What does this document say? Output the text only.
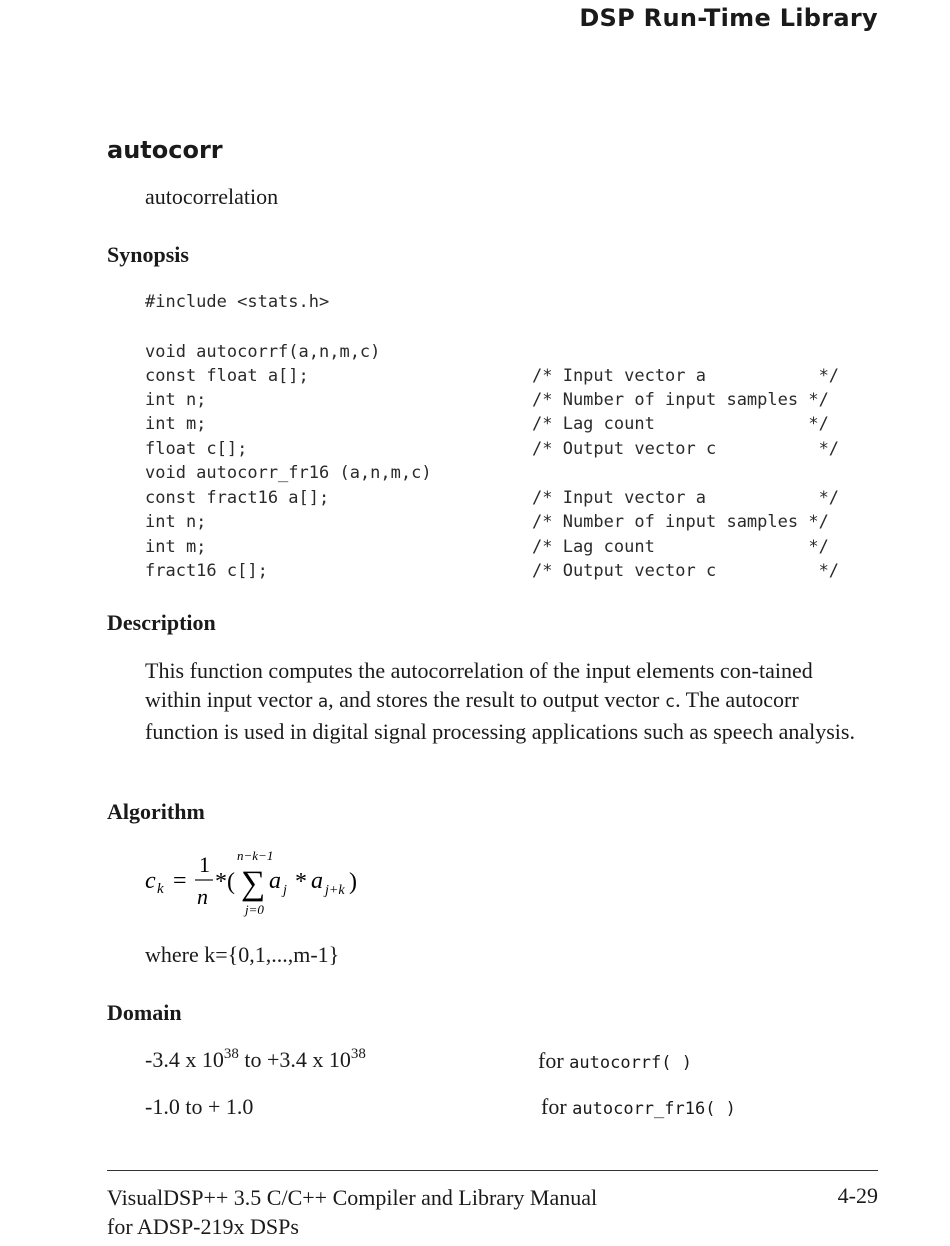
DSP Run-Time Library
autocorr
autocorrelation
Synopsis
#include <stats.h>
void autocorrf(a,n,m,c)
const float a[];	/* Input vector a           */
int n;	/* Number of input samples */
int m;	/* Lag count               */
float c[];	/* Output vector c          */
void autocorr_fr16 (a,n,m,c)
const fract16 a[];	/* Input vector a           */
int n;	/* Number of input samples */
int m;	/* Lag count               */
fract16 c[];	/* Output vector c          */
Description
This function computes the autocorrelation of the input elements con-tained within input vector a, and stores the result to output vector c. The autocorr function is used in digital signal processing applications such as speech analysis.
Algorithm
c k =
1
n
*(
n−k−1
∑
j=0
a j * a j+k )
where k={0,1,...,m-1}
Domain
-3.4 x $10^{38}$ to +3.4 x $10^{38}$	for autocorrf( )
-1.0 to + 1.0	for autocorr_fr16( )
VisualDSP++ 3.5 C/C++ Compiler and Library Manual
for ADSP-219x DSPs
4-29
